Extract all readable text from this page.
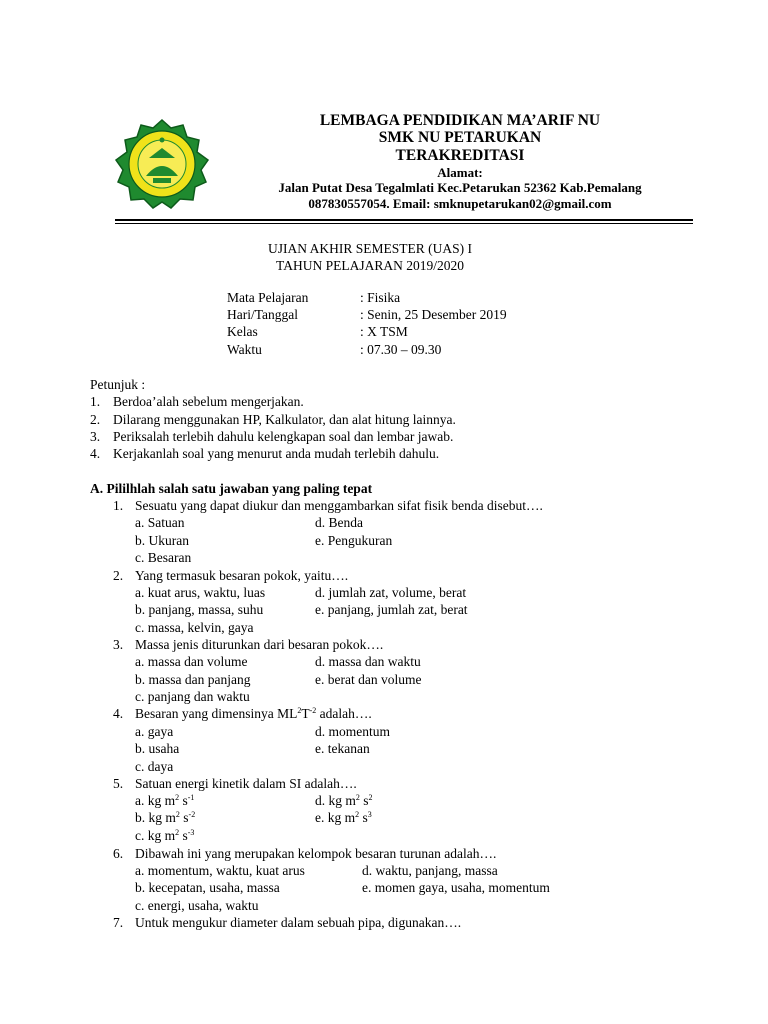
LEMBAGA PENDIDIKAN MA’ARIF NU
SMK NU PETARUKAN
TERAKREDITASI
Alamat:
Jalan Putat Desa Tegalmlati Kec.Petarukan 52362 Kab.Pemalang
087830557054. Email: smknupetarukan02@gmail.com
UJIAN AKHIR SEMESTER (UAS) I
TAHUN PELAJARAN 2019/2020
Mata Pelajaran	: Fisika
Hari/Tanggal	: Senin, 25 Desember 2019
Kelas	: X TSM
Waktu	: 07.30 – 09.30
Petunjuk :
1. Berdoa’alah sebelum mengerjakan.
2. Dilarang menggunakan HP, Kalkulator, dan alat hitung lainnya.
3. Periksalah terlebih dahulu kelengkapan soal dan lembar jawab.
4. Kerjakanlah soal yang menurut anda mudah terlebih dahulu.
A. Pililhlah salah satu jawaban yang paling tepat
1. Sesuatu yang dapat diukur dan menggambarkan sifat fisik benda disebut….
a. Satuan	d. Benda
b. Ukuran	e. Pengukuran
c. Besaran
2. Yang termasuk besaran pokok, yaitu….
a. kuat arus, waktu, luas	d. jumlah zat, volume, berat
b. panjang, massa, suhu	e. panjang, jumlah zat, berat
c. massa, kelvin, gaya
3. Massa jenis diturunkan dari besaran pokok….
a. massa dan volume	d. massa dan waktu
b. massa dan panjang	e. berat dan volume
c. panjang dan waktu
4. Besaran yang dimensinya $ML^2T^{-2}$ adalah….
a. gaya	d. momentum
b. usaha	e. tekanan
c. daya
5. Satuan energi kinetik dalam SI adalah….
a. kg $m^2$ $s^{-1}$	d. kg $m^2$ $s^2$
b. kg $m^2$ $s^{-2}$	e. kg $m^2$ $s^3$
c. kg $m^2$ $s^{-3}$
6. Dibawah ini yang merupakan kelompok besaran turunan adalah….
a. momentum, waktu, kuat arus	d. waktu, panjang, massa
b. kecepatan, usaha, massa	e. momen gaya, usaha, momentum
c. energi, usaha, waktu
7. Untuk mengukur diameter dalam sebuah pipa, digunakan….
